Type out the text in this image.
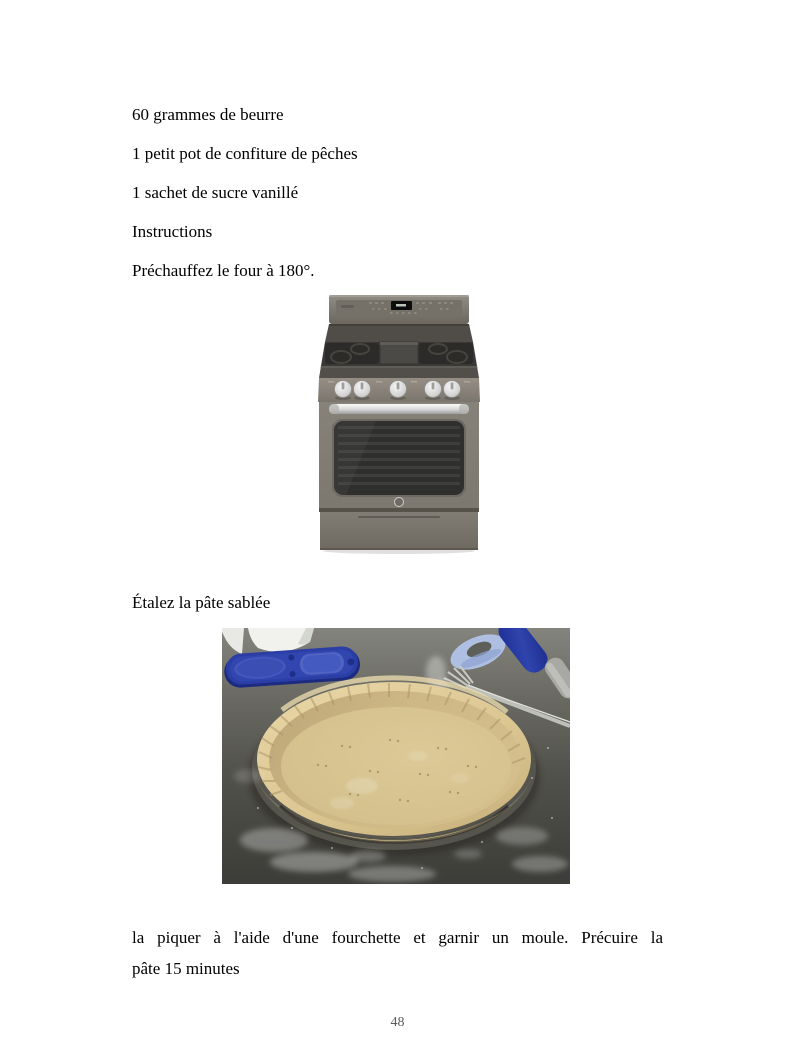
60 grammes de beurre
1 petit pot de confiture de pêches
1 sachet de sucre vanillé
Instructions
Préchauffez le four à 180°.
Étalez la pâte sablée
la piquer à l'aide d'une fourchette et garnir un moule. Précuire la
pâte 15 minutes
48
